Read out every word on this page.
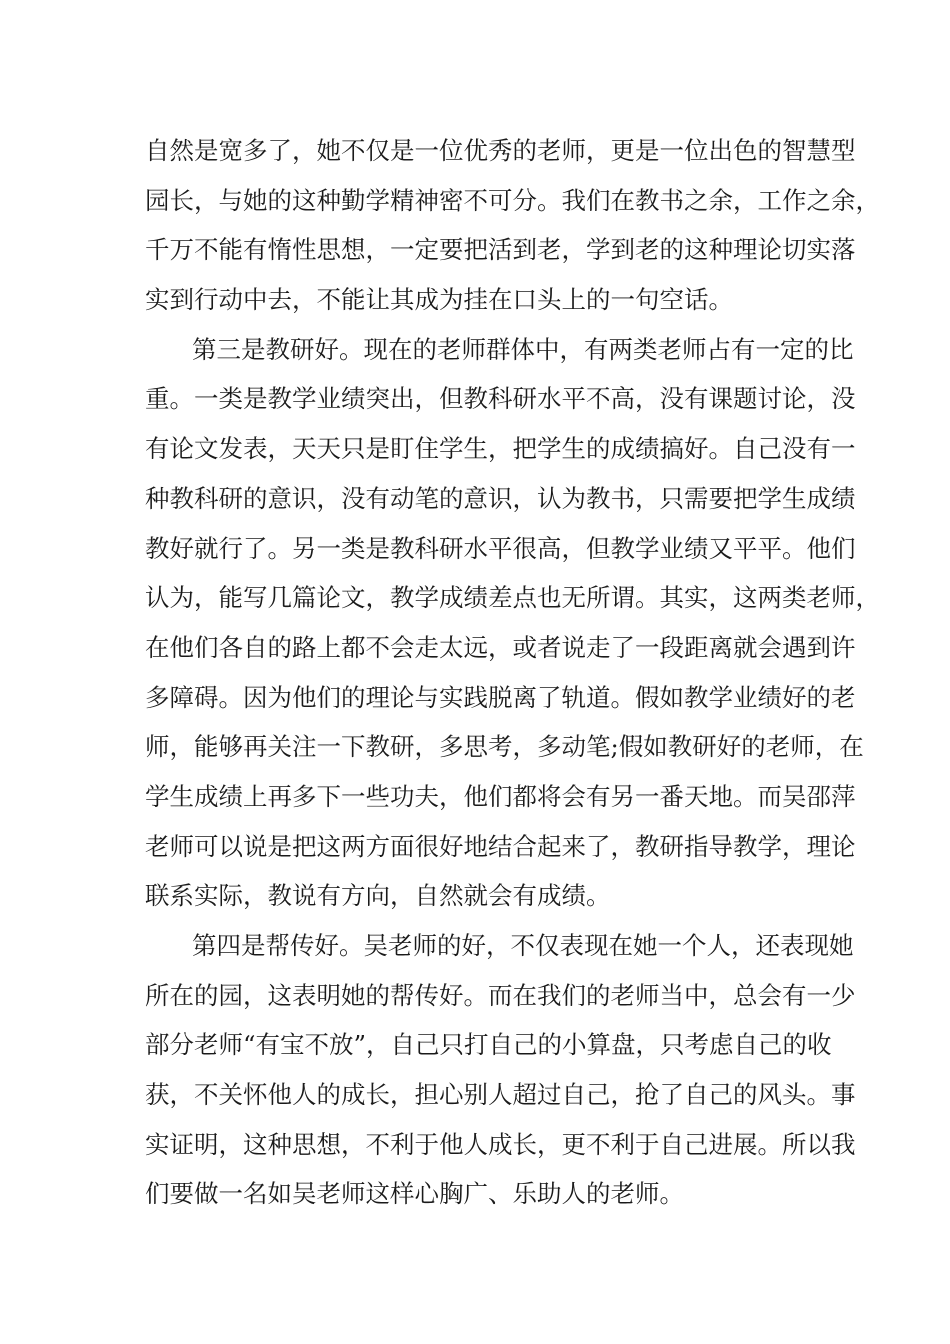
自然是宽多了，她不仅是一位优秀的老师，更是一位出色的智慧型
园长，与她的这种勤学精神密不可分。我们在教书之余，工作之余，
千万不能有惰性思想，一定要把活到老，学到老的这种理论切实落
实到行动中去，不能让其成为挂在口头上的一句空话。
第三是教研好。现在的老师群体中，有两类老师占有一定的比
重。一类是教学业绩突出，但教科研水平不高，没有课题讨论，没
有论文发表，天天只是盯住学生，把学生的成绩搞好。自己没有一
种教科研的意识，没有动笔的意识，认为教书，只需要把学生成绩
教好就行了。另一类是教科研水平很高，但教学业绩又平平。他们
认为，能写几篇论文，教学成绩差点也无所谓。其实，这两类老师，
在他们各自的路上都不会走太远，或者说走了一段距离就会遇到许
多障碍。因为他们的理论与实践脱离了轨道。假如教学业绩好的老
师，能够再关注一下教研，多思考，多动笔;假如教研好的老师，在
学生成绩上再多下一些功夫，他们都将会有另一番天地。而吴邵萍
老师可以说是把这两方面很好地结合起来了，教研指导教学，理论
联系实际，教说有方向，自然就会有成绩。
第四是帮传好。吴老师的好，不仅表现在她一个人，还表现她
所在的园，这表明她的帮传好。而在我们的老师当中，总会有一少
部分老师“有宝不放”，自己只打自己的小算盘，只考虑自己的收
获，不关怀他人的成长，担心别人超过自己，抢了自己的风头。事
实证明，这种思想，不利于他人成长，更不利于自己进展。所以我
们要做一名如吴老师这样心胸广、乐助人的老师。
